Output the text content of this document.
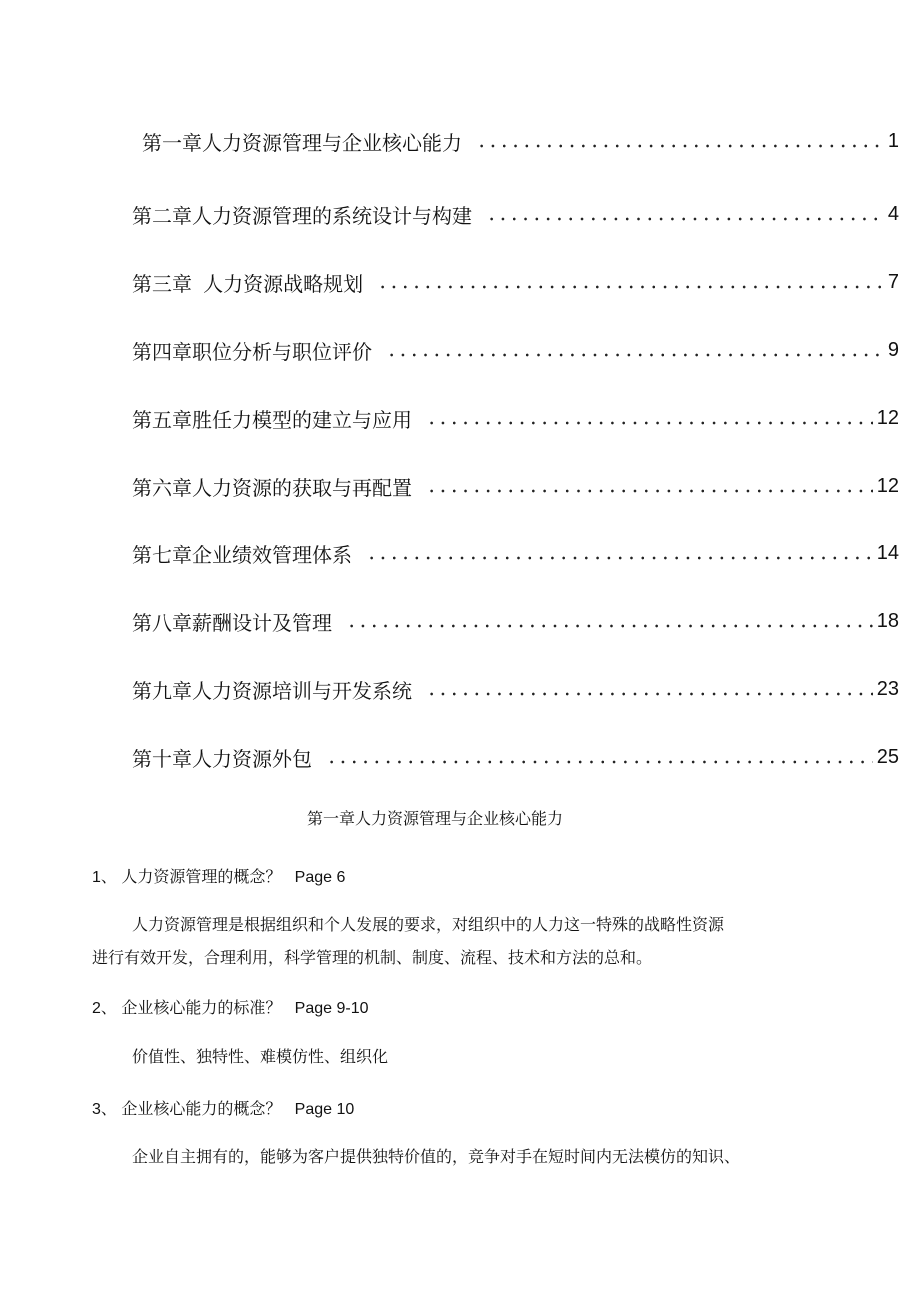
第一章人力资源管理与企业核心能力	1
第二章人力资源管理的系统设计与构建	4
第三章  人力资源战略规划	7
第四章职位分析与职位评价	9
第五章胜任力模型的建立与应用	12
第六章人力资源的获取与再配置	12
第七章企业绩效管理体系	14
第八章薪酬设计及管理	18
第九章人力资源培训与开发系统	23
第十章人力资源外包	25
第一章人力资源管理与企业核心能力
1、 人力资源管理的概念？   Page 6
人力资源管理是根据组织和个人发展的要求，对组织中的人力这一特殊的战略性资源
进行有效开发，合理利用，科学管理的机制、制度、流程、技术和方法的总和。
2、 企业核心能力的标准？   Page 9-10
价值性、独特性、难模仿性、组织化
3、 企业核心能力的概念？   Page 10
企业自主拥有的，能够为客户提供独特价值的，竞争对手在短时间内无法模仿的知识、
